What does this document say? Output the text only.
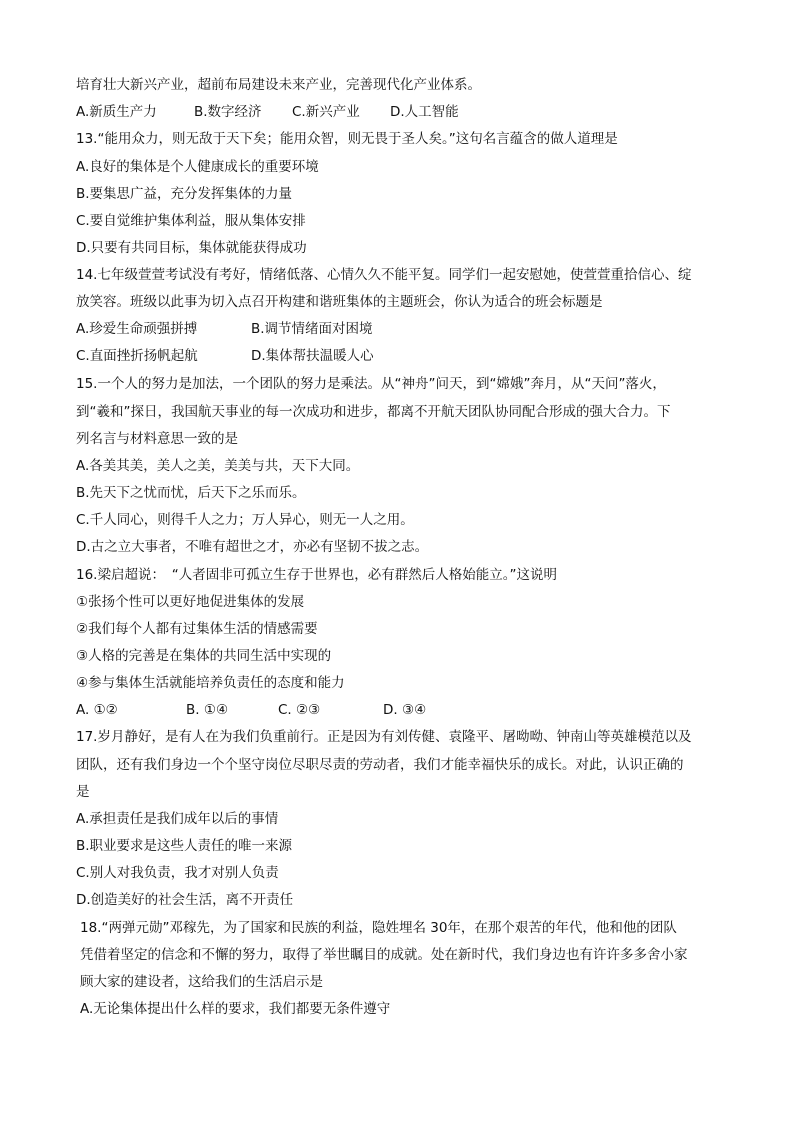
培育壮大新兴产业，超前布局建设未来产业，完善现代化产业体系。
A.新质生产力	B.数字经济 C.新兴产业 D.人工智能
13.“能用众力，则无敌于天下矣；能用众智，则无畏于圣人矣。”这句名言蕴含的做人道理是
A.良好的集体是个人健康成长的重要环境
B.要集思广益，充分发挥集体的力量
C.要自觉维护集体利益，服从集体安排
D.只要有共同目标，集体就能获得成功
14.七年级萱萱考试没有考好，情绪低落、心情久久不能平复。同学们一起安慰她，使萱萱重拾信心、绽
放笑容。班级以此事为切入点召开构建和谐班集体的主题班会，你认为适合的班会标题是
A.珍爱生命顽强拼搏	B.调节情绪面对困境
C.直面挫折扬帆起航	D.集体帮扶温暖人心
15.一个人的努力是加法，一个团队的努力是乘法。从“神舟”问天，到“嫦娥”奔月，从“天问”落火，
到“羲和”探日，我国航天事业的每一次成功和进步，都离不开航天团队协同配合形成的强大合力。下
列名言与材料意思一致的是
A.各美其美，美人之美，美美与共，天下大同。
B.先天下之忧而忧，后天下之乐而乐。
C.千人同心，则得千人之力；万人异心，则无一人之用。
D.古之立大事者，不唯有超世之才，亦必有坚韧不拔之志。
16.梁启超说：　“人者固非可孤立生存于世界也，必有群然后人格始能立。”这说明
①张扬个性可以更好地促进集体的发展
②我们每个人都有过集体生活的情感需要
③人格的完善是在集体的共同生活中实现的
④参与集体生活就能培养负责任的态度和能力
A. ①②	B. ①④	C. ②③	D. ③④
17.岁月静好，是有人在为我们负重前行。正是因为有刘传健、袁隆平、屠呦呦、钟南山等英雄模范以及
团队，还有我们身边一个个坚守岗位尽职尽责的劳动者，我们才能幸福快乐的成长。对此，认识正确的
是
A.承担责任是我们成年以后的事情
B.职业要求是这些人责任的唯一来源
C.别人对我负责，我才对别人负责
D.创造美好的社会生活，离不开责任
18.“两弹元勋”邓稼先，为了国家和民族的利益，隐姓埋名 30年，在那个艰苦的年代，他和他的团队
凭借着坚定的信念和不懈的努力，取得了举世瞩目的成就。处在新时代，我们身边也有许许多多舍小家
顾大家的建设者，这给我们的生活启示是
A.无论集体提出什么样的要求，我们都要无条件遵守
